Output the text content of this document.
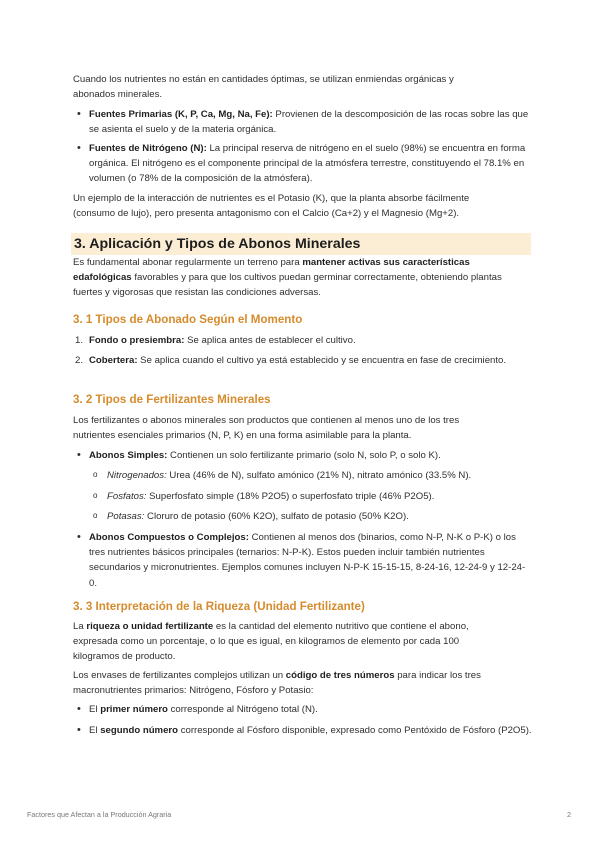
Cuando los nutrientes no están en cantidades óptimas, se utilizan enmiendas orgánicas y abonados minerales.

• Fuentes Primarias (K, P, Ca, Mg, Na, Fe): Provienen de la descomposición de las rocas sobre las que se asienta el suelo y de la materia orgánica.
• Fuentes de Nitrógeno (N): La principal reserva de nitrógeno en el suelo (98%) se encuentra en forma orgánica. El nitrógeno es el componente principal de la atmósfera terrestre, constituyendo el 78.1% en volumen (o 78% de la composición de la atmósfera).

Un ejemplo de la interacción de nutrientes es el Potasio (K), que la planta absorbe fácilmente (consumo de lujo), pero presenta antagonismo con el Calcio (Ca+2) y el Magnesio (Mg+2).

Es fundamental abonar regularmente un terreno para mantener activas sus características edafológicas favorables y para que los cultivos puedan germinar correctamente, obteniendo plantas fuertes y vigorosas que resistan las condiciones adversas.

3. 1 Tipos de Abonado Según el Momento
1. Fondo o presiembra: Se aplica antes de establecer el cultivo.
2. Cobertera: Se aplica cuando el cultivo ya está establecido y se encuentra en fase de crecimiento.
3. 2 Tipos de Fertilizantes Minerales

Los fertilizantes o abonos minerales son productos que contienen al menos uno de los tres nutrientes esenciales primarios (N, P, K) en una forma asimilable para la planta.

• Abonos Simples: Contienen un solo fertilizante primario (solo N, solo P, o solo K).
o Nitrogenados: Urea (46% de N), sulfato amónico (21% N), nitrato amónico (33.5% N).
o Fosfatos: Superfosfato simple (18% P2O5) o superfosfato triple (46% P2O5).
o Potasas: Cloruro de potasio (60% K2O), sulfato de potasio (50% K2O).
• Abonos Compuestos o Complejos: Contienen al menos dos (binarios, como N-P, N-K o P-K) o los tres nutrientes básicos principales (ternarios: N-P-K). Estos pueden incluir también nutrientes secundarios y micronutrientes. Ejemplos comunes incluyen N-P-K 15-15-15, 8-24-16, 12-24-9 y 12-24-0.
3. 3 Interpretación de la Riqueza (Unidad Fertilizante)

La riqueza o unidad fertilizante es la cantidad del elemento nutritivo que contiene el abono, expresada como un porcentaje, o lo que es igual, en kilogramos de elemento por cada 100 kilogramos de producto.

Los envases de fertilizantes complejos utilizan un código de tres números para indicar los tres macronutrientes primarios: Nitrógeno, Fósforo y Potasio:

• El primer número corresponde al Nitrógeno total (N).
• El segundo número corresponde al Fósforo disponible, expresado como Pentóxido de Fósforo (P2O5).
3. Aplicación y Tipos de Abonos Minerales
Factores que Afectan a la Producción Agraria	2
